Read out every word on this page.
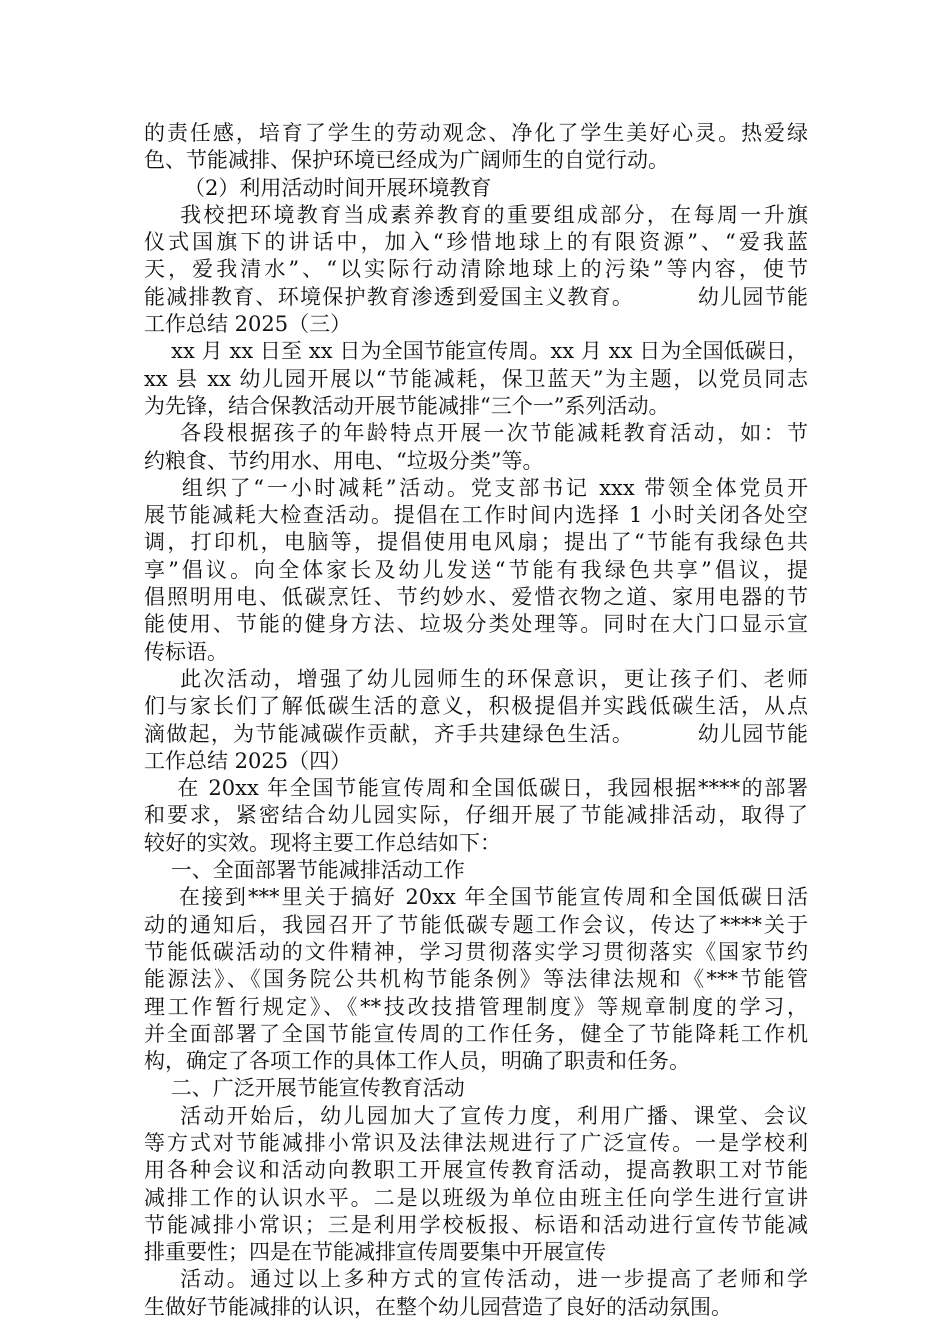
的责任感，培育了学生的劳动观念、净化了学生美好心灵。热爱绿
色、节能减排、保护环境已经成为广阔师生的自觉行动。
（2）利用活动时间开展环境教育
我校把环境教育当成素养教育的重要组成部分，在每周一升旗
仪式国旗下的讲话中，加入“珍惜地球上的有限资源”、“爱我蓝
天，爱我清水”、“以实际行动清除地球上的污染”等内容，使节
能减排教育、环境保护教育渗透到爱国主义教育。        幼儿园节能
工作总结 2025（三）
xx 月 xx 日至 xx 日为全国节能宣传周。xx 月 xx 日为全国低碳日，
xx 县 xx 幼儿园开展以“节能减耗，保卫蓝天”为主题，以党员同志
为先锋，结合保教活动开展节能减排“三个一”系列活动。
各段根据孩子的年龄特点开展一次节能减耗教育活动，如：节
约粮食、节约用水、用电、“垃圾分类”等。
组织了“一小时减耗”活动。党支部书记 xxx 带领全体党员开
展节能减耗大检查活动。提倡在工作时间内选择 1 小时关闭各处空
调，打印机，电脑等，提倡使用电风扇；提出了“节能有我绿色共
享”倡议。向全体家长及幼儿发送“节能有我绿色共享”倡议，提
倡照明用电、低碳烹饪、节约妙水、爱惜衣物之道、家用电器的节
能使用、节能的健身方法、垃圾分类处理等。同时在大门口显示宣
传标语。
此次活动，增强了幼儿园师生的环保意识，更让孩子们、老师
们与家长们了解低碳生活的意义，积极提倡并实践低碳生活，从点
滴做起，为节能减碳作贡献，齐手共建绿色生活。        幼儿园节能
工作总结 2025（四）
在 20xx 年全国节能宣传周和全国低碳日，我园根据****的部署
和要求，紧密结合幼儿园实际，仔细开展了节能减排活动，取得了
较好的实效。现将主要工作总结如下：
一、全面部署节能减排活动工作
在接到***里关于搞好 20xx 年全国节能宣传周和全国低碳日活
动的通知后，我园召开了节能低碳专题工作会议，传达了****关于
节能低碳活动的文件精神，学习贯彻落实学习贯彻落实《国家节约
能源法》、《国务院公共机构节能条例》等法律法规和《***节能管
理工作暂行规定》、《**技改技措管理制度》等规章制度的学习，
并全面部署了全国节能宣传周的工作任务，健全了节能降耗工作机
构，确定了各项工作的具体工作人员，明确了职责和任务。
二、广泛开展节能宣传教育活动
活动开始后，幼儿园加大了宣传力度，利用广播、课堂、会议
等方式对节能减排小常识及法律法规进行了广泛宣传。一是学校利
用各种会议和活动向教职工开展宣传教育活动，提高教职工对节能
减排工作的认识水平。二是以班级为单位由班主任向学生进行宣讲
节能减排小常识；三是利用学校板报、标语和活动进行宣传节能减
排重要性；四是在节能减排宣传周要集中开展宣传
活动。通过以上多种方式的宣传活动，进一步提高了老师和学
生做好节能减排的认识，在整个幼儿园营造了良好的活动氛围。
